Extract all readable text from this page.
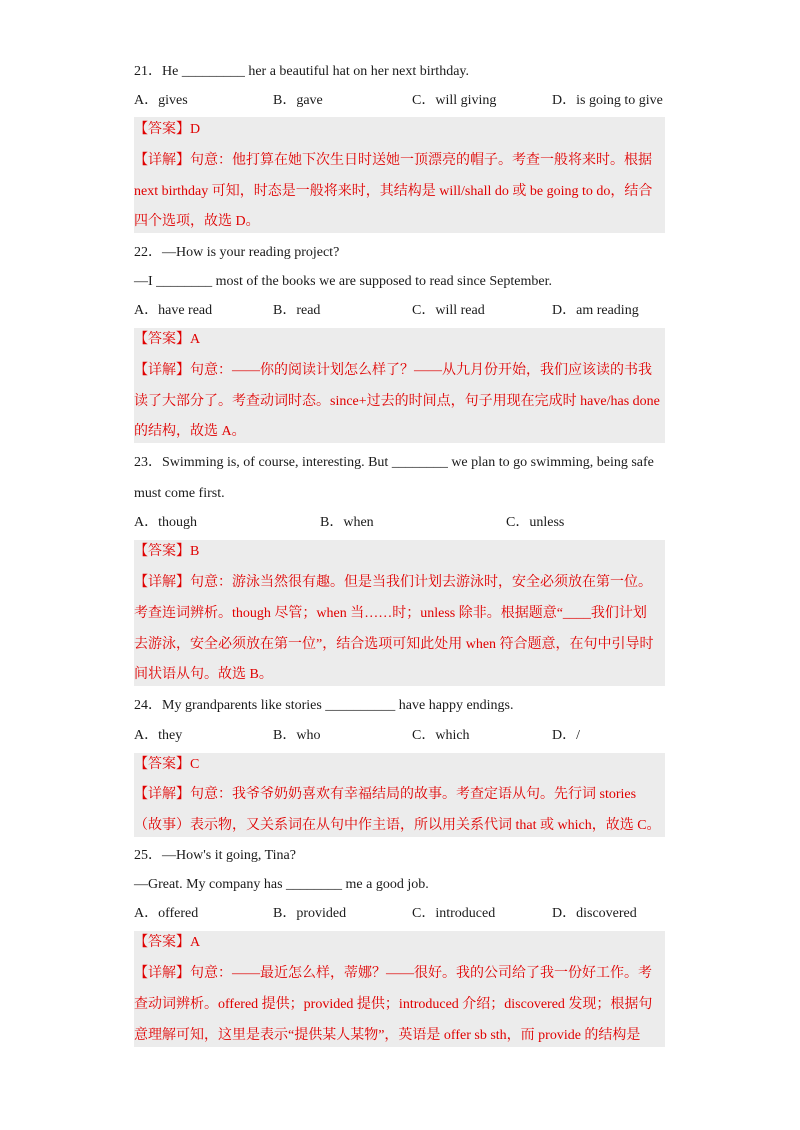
21．He _________ her a beautiful hat on her next birthday.
A．gives	B．gave	C．will giving	D．is going to give
【答案】D
【详解】句意：他打算在她下次生日时送她一顶漂亮的帽子。考查一般将来时。根据
next birthday 可知，时态是一般将来时，其结构是 will/shall do 或 be going to do，结合
四个选项，故选 D。
22．—How is your reading project?
—I ________ most of the books we are supposed to read since September.
A．have read	B．read	C．will read	D．am reading
【答案】A
【详解】句意：——你的阅读计划怎么样了？——从九月份开始，我们应该读的书我
读了大部分了。考查动词时态。since+过去的时间点，句子用现在完成时 have/has done
的结构，故选 A。
23．Swimming is, of course, interesting. But ________ we plan to go swimming, being safe
must come first.
A．though	B．when	C．unless
【答案】B
【详解】句意：游泳当然很有趣。但是当我们计划去游泳时，安全必须放在第一位。
考查连词辨析。though 尽管；when 当……时；unless 除非。根据题意“____我们计划
去游泳，安全必须放在第一位”，结合选项可知此处用 when 符合题意，在句中引导时
间状语从句。故选 B。
24．My grandparents like stories __________ have happy endings.
A．they	B．who	C．which	D．/
【答案】C
【详解】句意：我爷爷奶奶喜欢有幸福结局的故事。考查定语从句。先行词 stories
（故事）表示物，又关系词在从句中作主语，所以用关系代词 that 或 which，故选 C。
25．—How's it going, Tina?
—Great. My company has ________ me a good job.
A．offered	B．provided	C．introduced	D．discovered
【答案】A
【详解】句意：——最近怎么样，蒂娜？——很好。我的公司给了我一份好工作。考
查动词辨析。offered 提供；provided 提供；introduced 介绍；discovered 发现；根据句
意理解可知，这里是表示“提供某人某物”，英语是 offer sb sth，而 provide 的结构是
